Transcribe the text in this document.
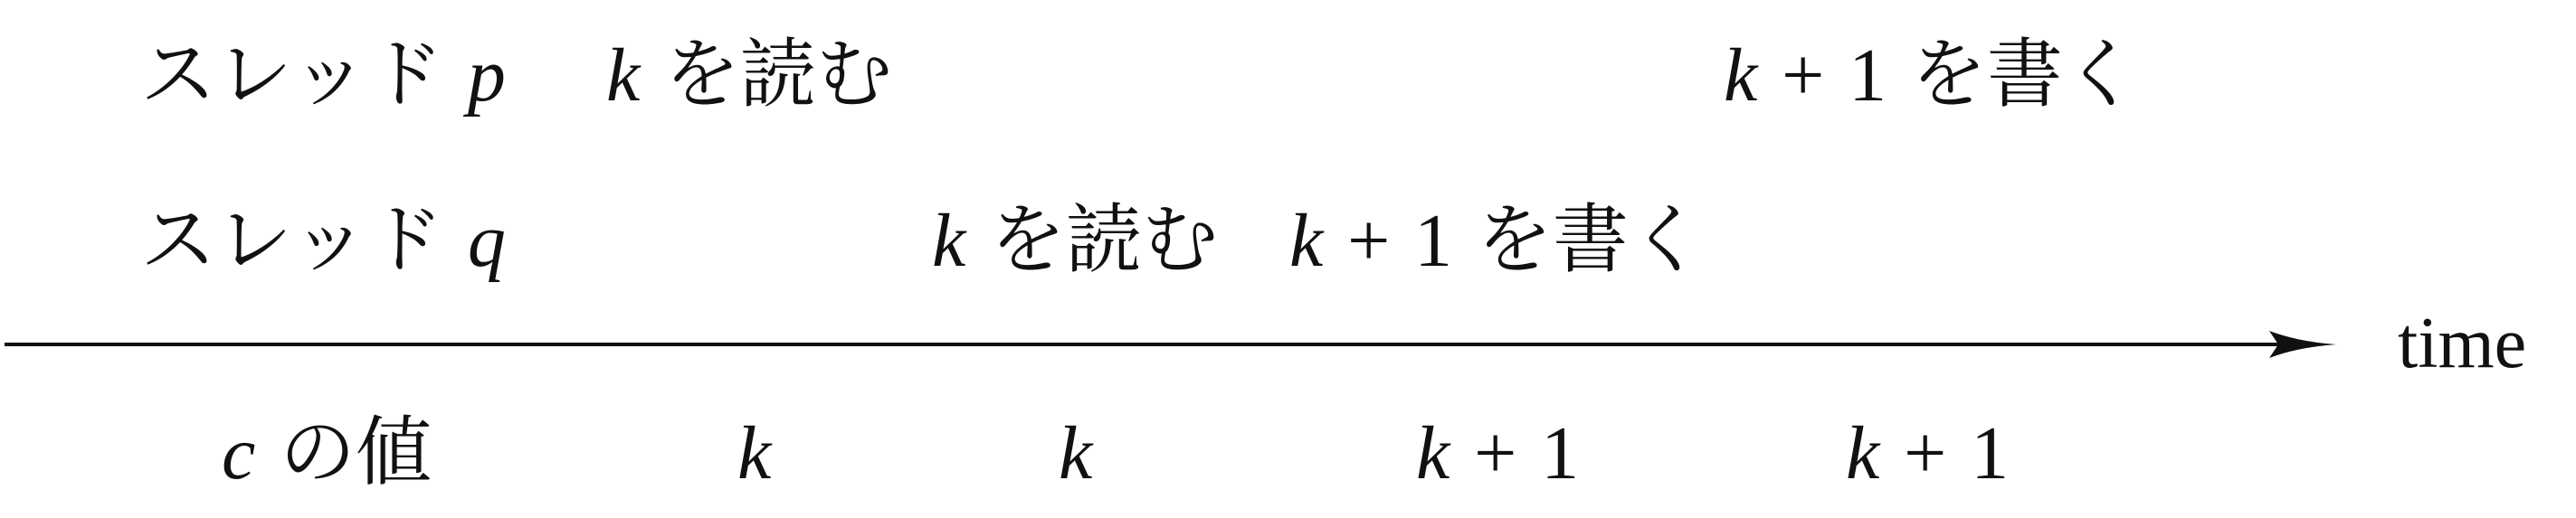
スレッド p k を読む	k + 1 を書く
スレッド q	k を読む k + 1 を書く
time
c の値	k	k	k + 1	k + 1
